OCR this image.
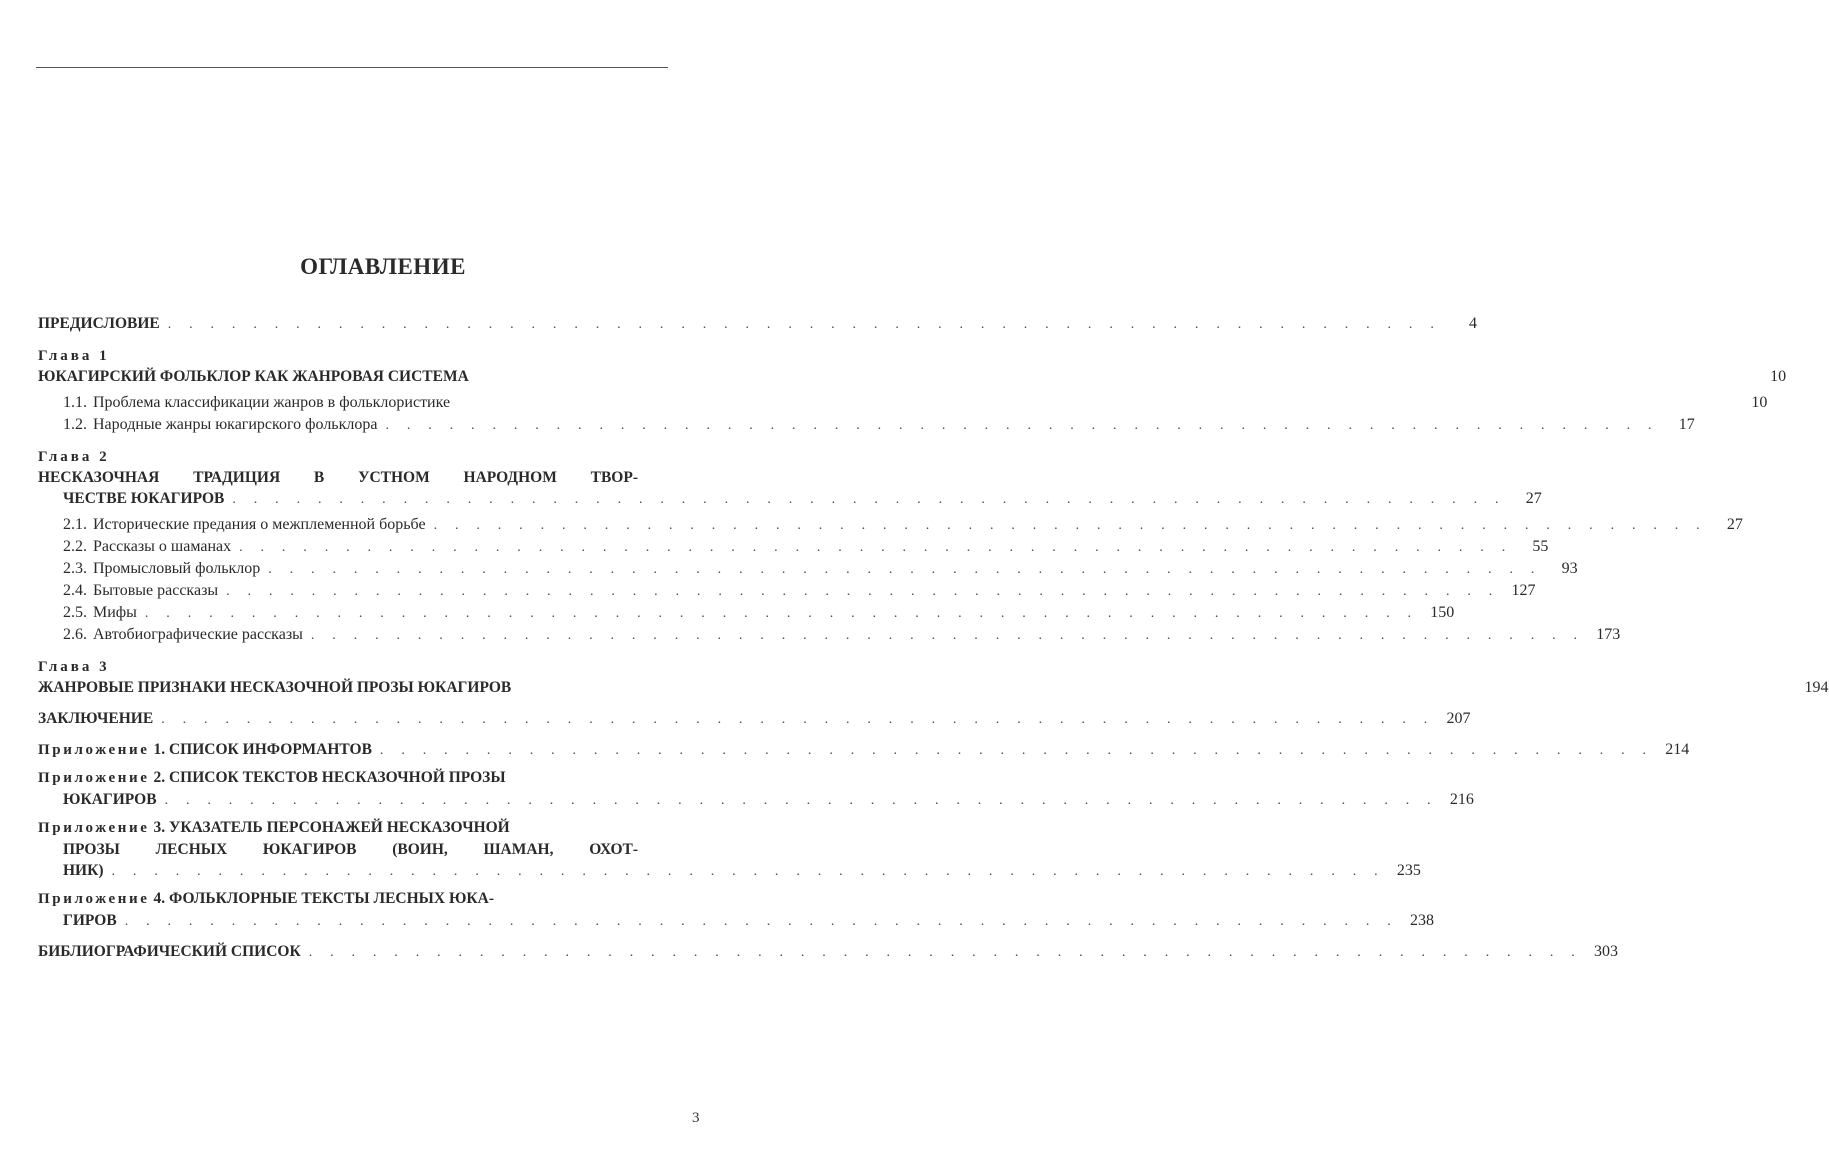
ОГЛАВЛЕНИЕ
ПРЕДИСЛОВИЕ . . . . . . . . . . . . . . . . . . . . . . . . . . . . . . . . . . . . . . . . . . . . . . . . . . . . . . . . . . . .	4
Глава 1
ЮКАГИРСКИЙ ФОЛЬКЛОР КАК ЖАНРОВАЯ СИСТЕМА	10
1.1. Проблема классификации жанров в фольклористике	10
1.2. Народные жанры юкагирского фольклора . . . . . . . . . . . . . . . . . . . . . . . . . . . . . . . . . . . . . . . . . . . . . . . . . . . . . . . . . . . .	17
Глава 2
НЕСКАЗОЧНАЯ ТРАДИЦИЯ В УСТНОМ НАРОДНОМ ТВОР-
ЧЕСТВЕ ЮКАГИРОВ . . . . . . . . . . . . . . . . . . . . . . . . . . . . . . . . . . . . . . . . . . . . . . . . . . . . . . . . . . . .	27
2.1. Исторические предания о межплеменной борьбе . . . . . . . . . . . . . . . . . . . . . . . . . . . . . . . . . . . . . . . . . . . . . . . . . . . . . . . . . . . .	27
2.2. Рассказы о шаманах . . . . . . . . . . . . . . . . . . . . . . . . . . . . . . . . . . . . . . . . . . . . . . . . . . . . . . . . . . . .	55
2.3. Промысловый фольклор . . . . . . . . . . . . . . . . . . . . . . . . . . . . . . . . . . . . . . . . . . . . . . . . . . . . . . . . . . . .	93
2.4. Бытовые рассказы . . . . . . . . . . . . . . . . . . . . . . . . . . . . . . . . . . . . . . . . . . . . . . . . . . . . . . . . . . . . 127
2.5. Мифы . . . . . . . . . . . . . . . . . . . . . . . . . . . . . . . . . . . . . . . . . . . . . . . . . . . . . . . . . . . . 150
2.6. Автобиографические рассказы . . . . . . . . . . . . . . . . . . . . . . . . . . . . . . . . . . . . . . . . . . . . . . . . . . . . . . . . . . . . 173
Глава 3
ЖАНРОВЫЕ ПРИЗНАКИ НЕСКАЗОЧНОЙ ПРОЗЫ ЮКАГИРОВ	194
ЗАКЛЮЧЕНИЕ . . . . . . . . . . . . . . . . . . . . . . . . . . . . . . . . . . . . . . . . . . . . . . . . . . . . . . . . . . . . 207
Приложение 1. СПИСОК ИНФОРМАНТОВ . . . . . . . . . . . . . . . . . . . . . . . . . . . . . . . . . . . . . . . . . . . . . . . . . . . . . . . . . . . . 214
Приложение 2. СПИСОК ТЕКСТОВ НЕСКАЗОЧНОЙ ПРОЗЫ
ЮКАГИРОВ . . . . . . . . . . . . . . . . . . . . . . . . . . . . . . . . . . . . . . . . . . . . . . . . . . . . . . . . . . . . 216
Приложение 3. УКАЗАТЕЛЬ ПЕРСОНАЖЕЙ НЕСКАЗОЧНОЙ
ПРОЗЫ ЛЕСНЫХ ЮКАГИРОВ (ВОИН, ШАМАН, ОХОТ-
НИК) . . . . . . . . . . . . . . . . . . . . . . . . . . . . . . . . . . . . . . . . . . . . . . . . . . . . . . . . . . . . 235
Приложение 4. ФОЛЬКЛОРНЫЕ ТЕКСТЫ ЛЕСНЫХ ЮКА-
ГИРОВ . . . . . . . . . . . . . . . . . . . . . . . . . . . . . . . . . . . . . . . . . . . . . . . . . . . . . . . . . . . . 238
БИБЛИОГРАФИЧЕСКИЙ СПИСОК . . . . . . . . . . . . . . . . . . . . . . . . . . . . . . . . . . . . . . . . . . . . . . . . . . . . . . . . . . . . 303
3
